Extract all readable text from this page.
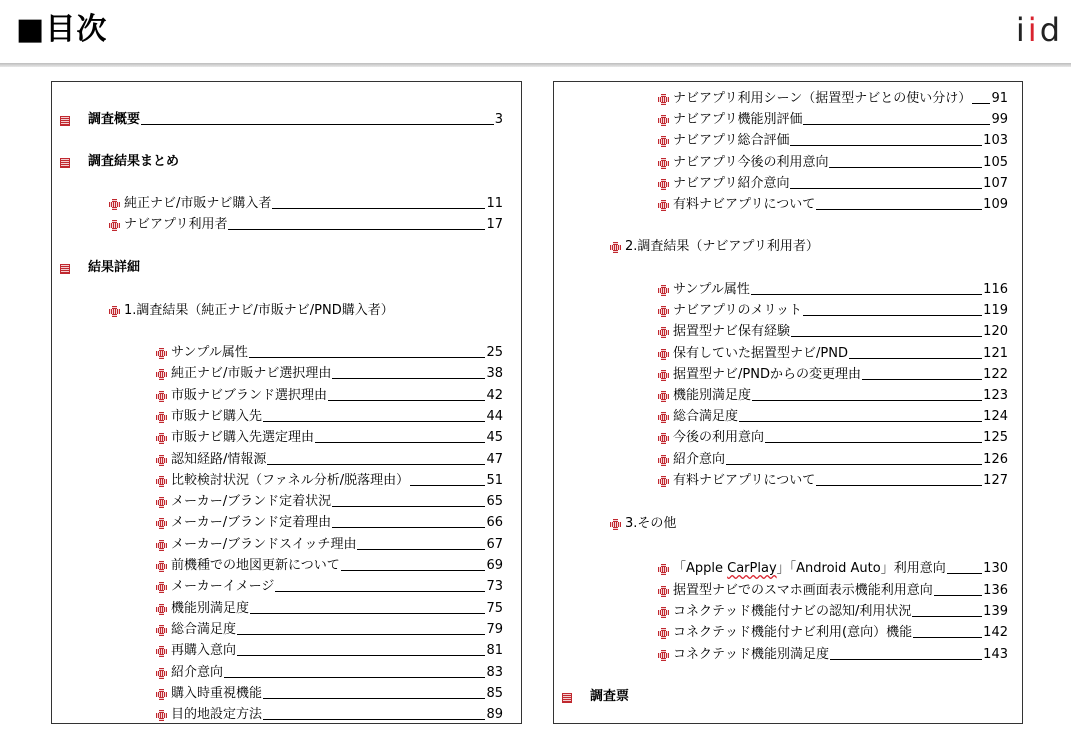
■目次	iid
調査概要	3
調査結果まとめ
純正ナビ/市販ナビ購入者	11
ナビアプリ利用者	17
結果詳細
1.調査結果（純正ナビ/市販ナビ/PND購入者）
サンプル属性	25
純正ナビ/市販ナビ選択理由	38
市販ナビブランド選択理由	42
市販ナビ購入先	44
市販ナビ購入先選定理由	45
認知経路/情報源	47
比較検討状況（ファネル分析/脱落理由）	51
メーカー/ブランド定着状況	65
メーカー/ブランド定着理由	66
メーカー/ブランドスイッチ理由	67
前機種での地図更新について	69
メーカーイメージ	73
機能別満足度	75
総合満足度	79
再購入意向	81
紹介意向	83
購入時重視機能	85
目的地設定方法	89
ナビアプリ利用シーン（据置型ナビとの使い分け） 91
ナビアプリ機能別評価	99
ナビアプリ総合評価	103
ナビアプリ今後の利用意向	105
ナビアプリ紹介意向	107
有料ナビアプリについて	109
2.調査結果（ナビアプリ利用者）
サンプル属性	116
ナビアプリのメリット	119
据置型ナビ保有経験	120
保有していた据置型ナビ/PND	121
据置型ナビ/PNDからの変更理由	122
機能別満足度	123
総合満足度	124
今後の利用意向	125
紹介意向	126
有料ナビアプリについて	127
3.その他
「Apple CarPlay」「Android Auto」利用意向	130
据置型ナビでのスマホ画面表示機能利用意向	136
コネクテッド機能付ナビの認知/利用状況	139
コネクテッド機能付ナビ利用(意向）機能	142
コネクテッド機能別満足度	143
調査票
